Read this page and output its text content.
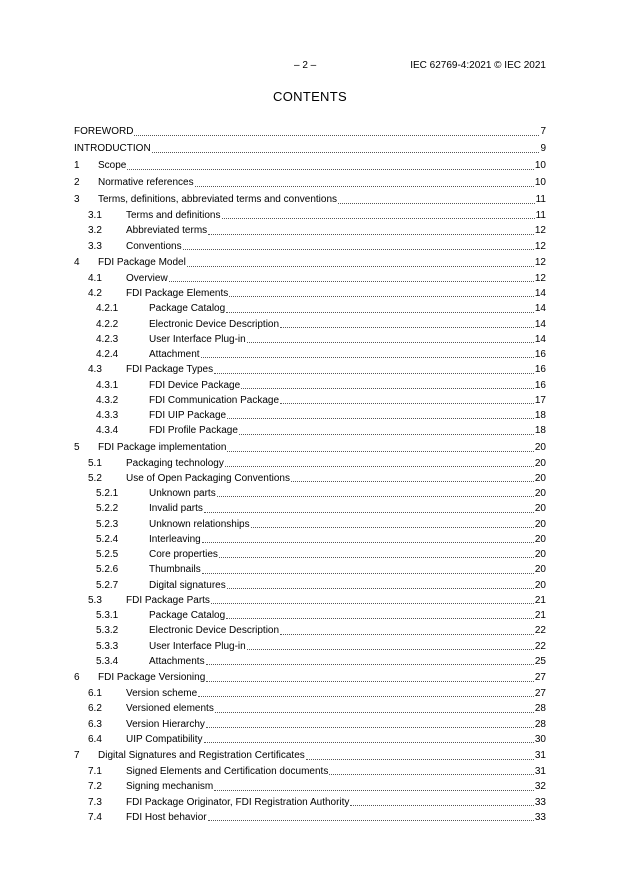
– 2 –	IEC 62769-4:2021 © IEC 2021
CONTENTS
FOREWORD	7
INTRODUCTION	9
1	Scope	10
2	Normative references	10
3	Terms, definitions, abbreviated terms and conventions	11
3.1	Terms and definitions	11
3.2	Abbreviated terms	12
3.3	Conventions	12
4	FDI Package Model	12
4.1	Overview	12
4.2	FDI Package Elements	14
4.2.1	Package Catalog	14
4.2.2	Electronic Device Description	14
4.2.3	User Interface Plug-in	14
4.2.4	Attachment	16
4.3	FDI Package Types	16
4.3.1	FDI Device Package	16
4.3.2	FDI Communication Package	17
4.3.3	FDI UIP Package	18
4.3.4	FDI Profile Package	18
5	FDI Package implementation	20
5.1	Packaging technology	20
5.2	Use of Open Packaging Conventions	20
5.2.1	Unknown parts	20
5.2.2	Invalid parts	20
5.2.3	Unknown relationships	20
5.2.4	Interleaving	20
5.2.5	Core properties	20
5.2.6	Thumbnails	20
5.2.7	Digital signatures	20
5.3	FDI Package Parts	21
5.3.1	Package Catalog	21
5.3.2	Electronic Device Description	22
5.3.3	User Interface Plug-in	22
5.3.4	Attachments	25
6	FDI Package Versioning	27
6.1	Version scheme	27
6.2	Versioned elements	28
6.3	Version Hierarchy	28
6.4	UIP Compatibility	30
7	Digital Signatures and Registration Certificates	31
7.1	Signed Elements and Certification documents	31
7.2	Signing mechanism	32
7.3	FDI Package Originator, FDI Registration Authority	33
7.4	FDI Host behavior	33
